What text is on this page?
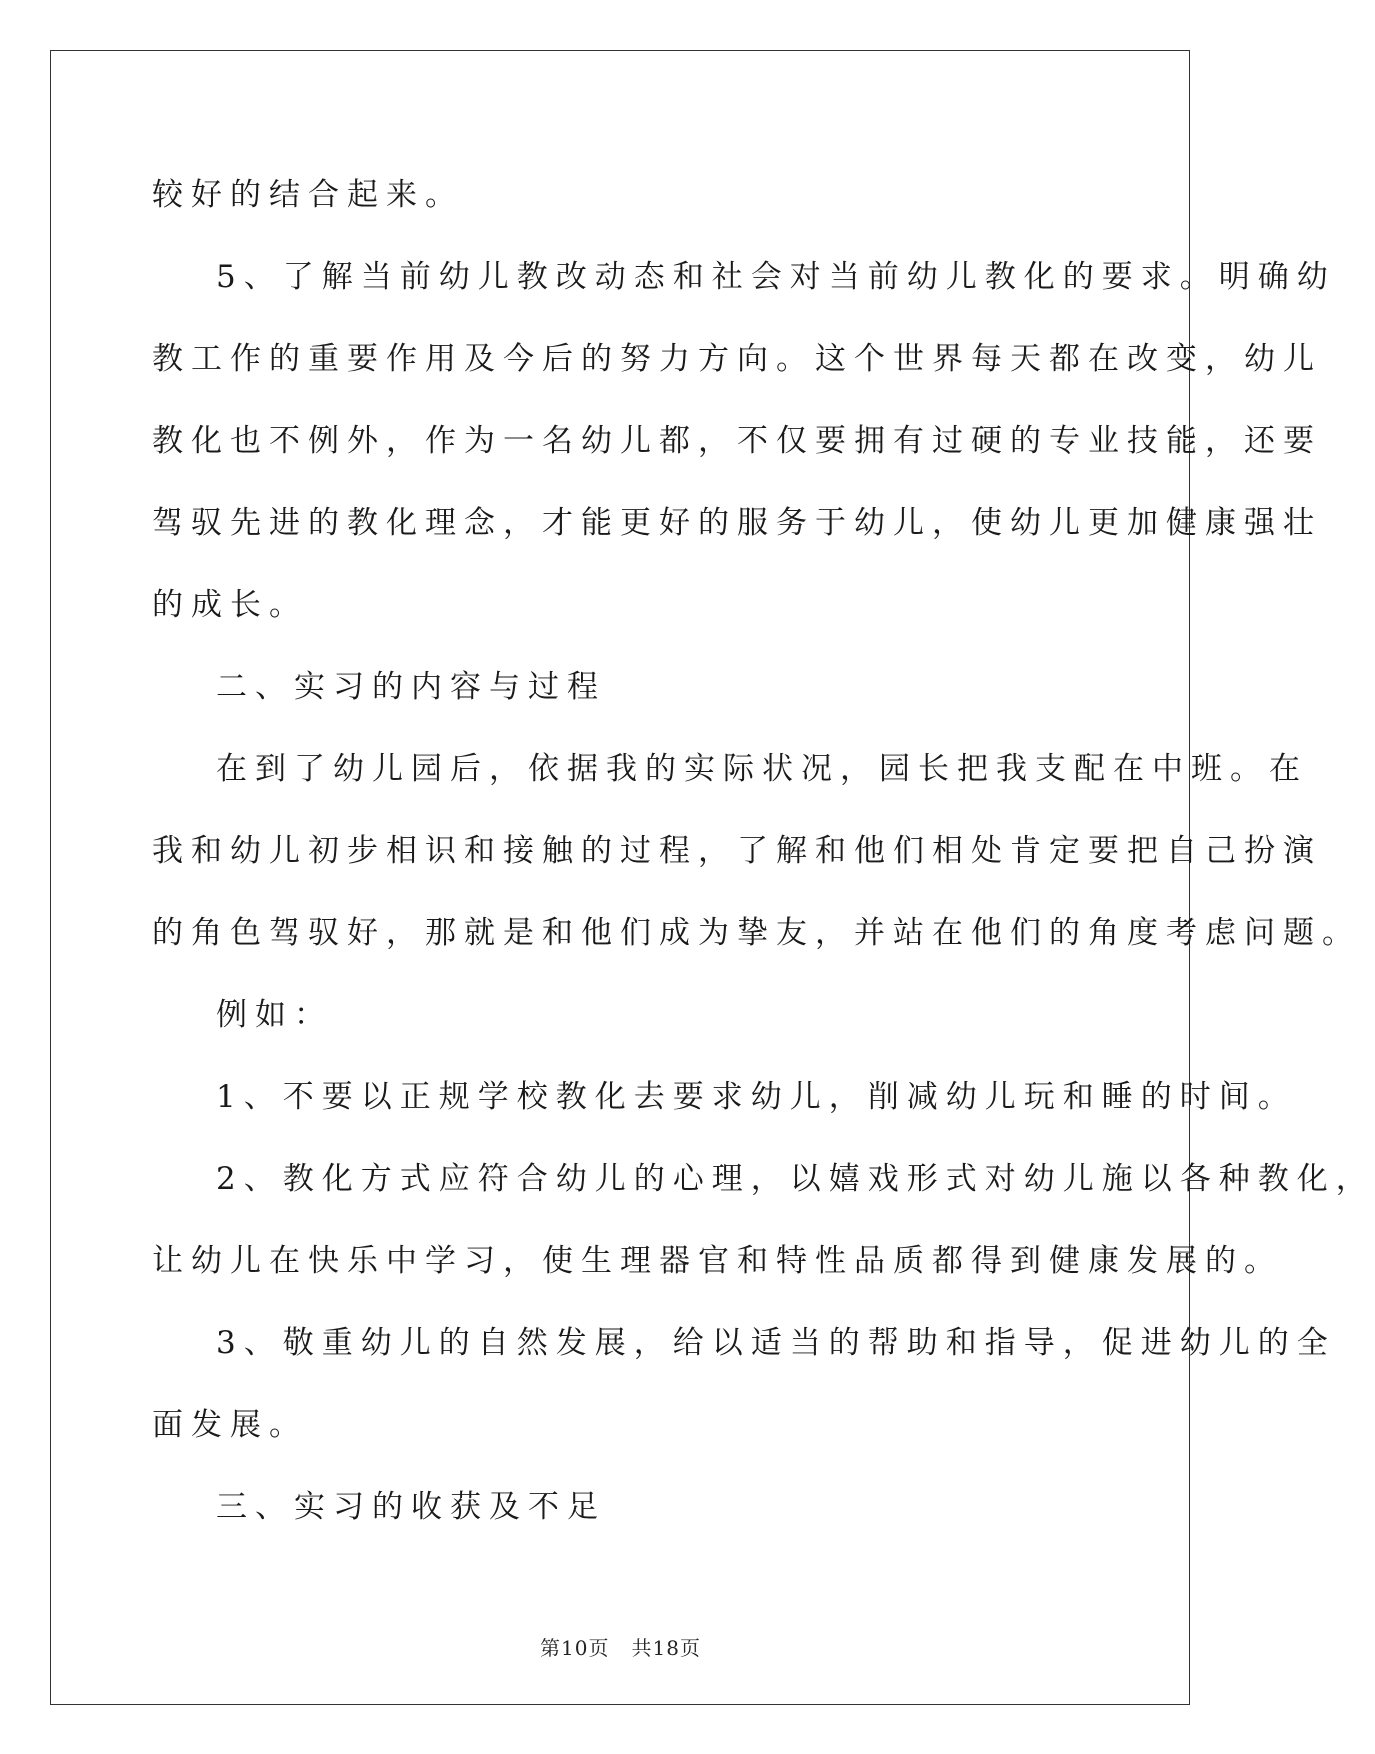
较好的结合起来。

5、了解当前幼儿教改动态和社会对当前幼儿教化的要求。明确幼

教工作的重要作用及今后的努力方向。这个世界每天都在改变，幼儿

教化也不例外，作为一名幼儿都，不仅要拥有过硬的专业技能，还要

驾驭先进的教化理念，才能更好的服务于幼儿，使幼儿更加健康强壮

的成长。

二、实习的内容与过程

在到了幼儿园后，依据我的实际状况，园长把我支配在中班。在

我和幼儿初步相识和接触的过程，了解和他们相处肯定要把自己扮演

的角色驾驭好，那就是和他们成为挚友，并站在他们的角度考虑问题。

例如：

1、不要以正规学校教化去要求幼儿，削减幼儿玩和睡的时间。

2、教化方式应符合幼儿的心理，以嬉戏形式对幼儿施以各种教化，

让幼儿在快乐中学习，使生理器官和特性品质都得到健康发展的。

3、敬重幼儿的自然发展，给以适当的帮助和指导，促进幼儿的全

面发展。

三、实习的收获及不足

第10页 共18页
